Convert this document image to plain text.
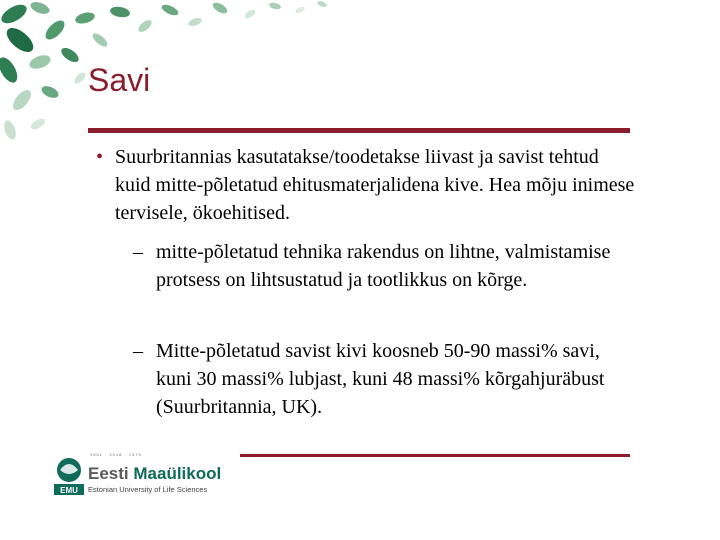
Savi
• Suurbritannias kasutatakse/toodetakse liivast ja savist tehtud kuid mitte-põletatud ehitusmaterjalidena kive. Hea mõju inimese tervisele, ökoehitised.
– mitte-põletatud tehnika rakendus on lihtne, valmistamise protsess on lihtsustatud ja tootlikkus on kõrge.
– Mitte-põletatud savist kivi koosneb 50-90 massi% savi, kuni 30 massi% lubjast, kuni 48 massi% kõrgahjuräbust (Suurbritannia, UK).
EMU
1951 · 2018 · 1970
Eesti Maaülikool
Estonian University of Life Sciences
